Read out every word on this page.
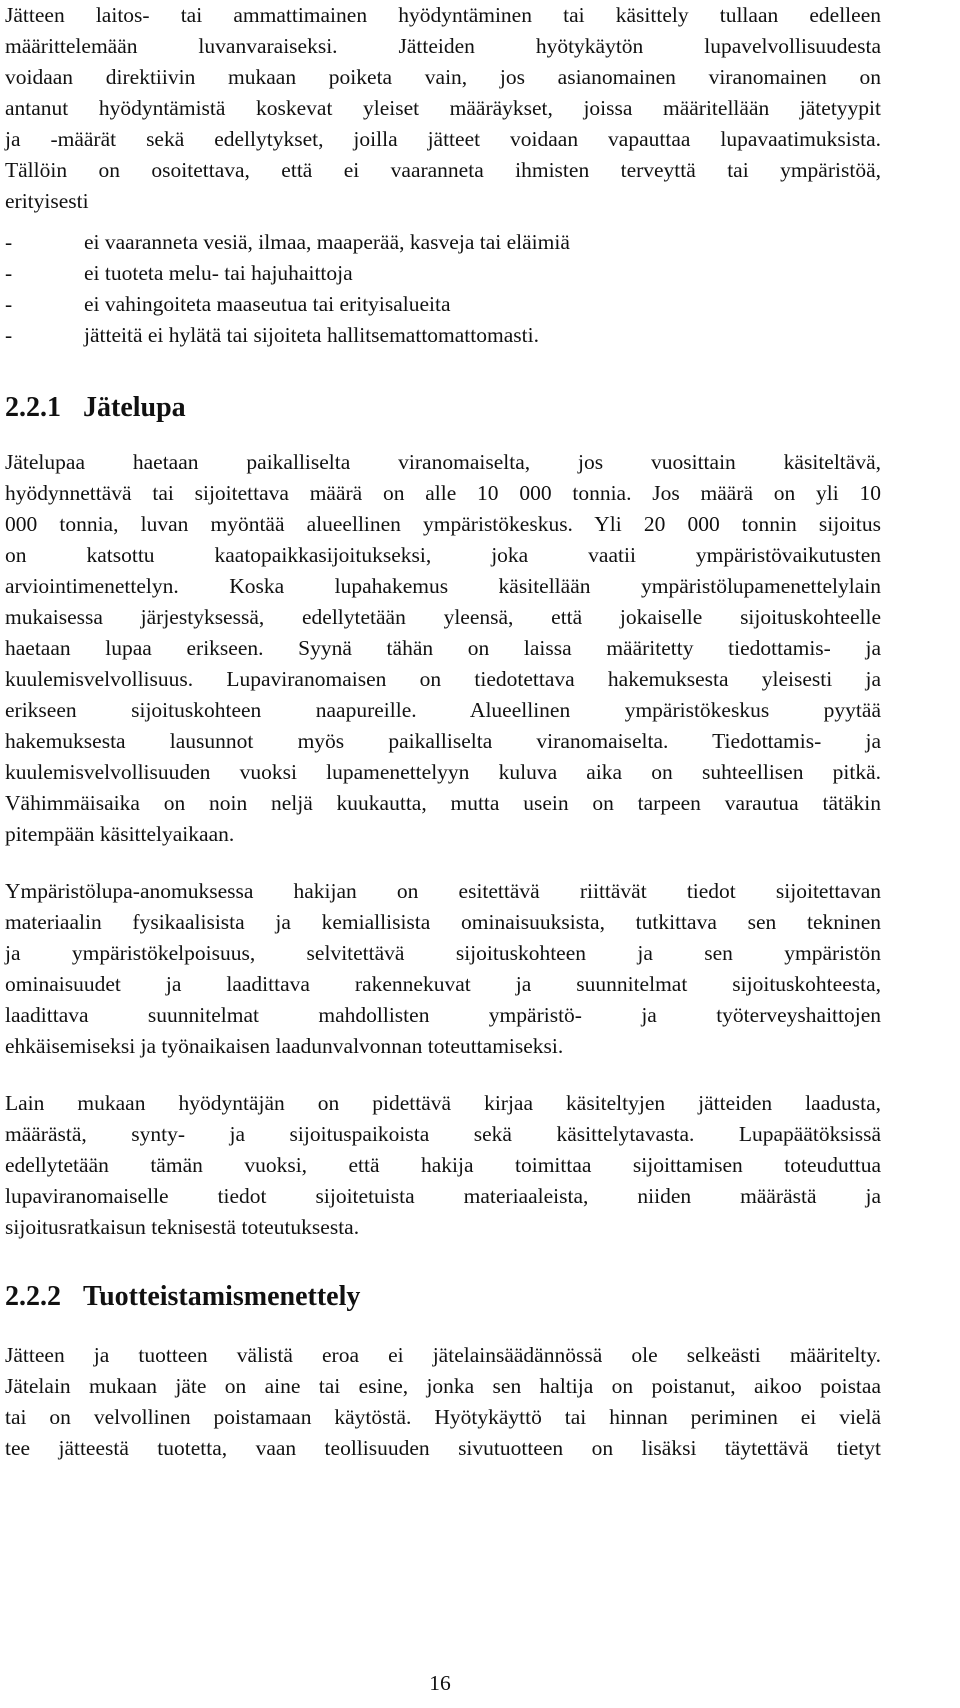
Jätteen laitos- tai ammattimainen hyödyntäminen tai käsittely tullaan edelleen
määrittelemään luvanvaraiseksi. Jätteiden hyötykäytön lupavelvollisuudesta
voidaan direktiivin mukaan poiketa vain, jos asianomainen viranomainen on
antanut hyödyntämistä koskevat yleiset määräykset, joissa määritellään jätetyypit
ja -määrät sekä edellytykset, joilla jätteet voidaan vapauttaa lupavaatimuksista.
Tällöin on osoitettava, että ei vaaranneta ihmisten terveyttä tai ympäristöä,
erityisesti
-	ei vaaranneta vesiä, ilmaa, maaperää, kasveja tai eläimiä
-	ei tuoteta melu- tai hajuhaittoja
-	ei vahingoiteta maaseutua tai erityisalueita
-	jätteitä ei hylätä tai sijoiteta hallitsemattomattomasti.
2.2.1 Jätelupa
Jätelupaa haetaan paikalliselta viranomaiselta, jos vuosittain käsiteltävä,
hyödynnettävä tai sijoitettava määrä on alle 10 000 tonnia. Jos määrä on yli 10
000 tonnia, luvan myöntää alueellinen ympäristökeskus. Yli 20 000 tonnin sijoitus
on katsottu kaatopaikkasijoitukseksi, joka vaatii ympäristövaikutusten
arviointimenettelyn. Koska lupahakemus käsitellään ympäristölupamenettelylain
mukaisessa järjestyksessä, edellytetään yleensä, että jokaiselle sijoituskohteelle
haetaan lupaa erikseen. Syynä tähän on laissa määritetty tiedottamis- ja
kuulemisvelvollisuus. Lupaviranomaisen on tiedotettava hakemuksesta yleisesti ja
erikseen sijoituskohteen naapureille. Alueellinen ympäristökeskus pyytää
hakemuksesta lausunnot myös paikalliselta viranomaiselta. Tiedottamis- ja
kuulemisvelvollisuuden vuoksi lupamenettelyyn kuluva aika on suhteellisen pitkä.
Vähimmäisaika on noin neljä kuukautta, mutta usein on tarpeen varautua tätäkin
pitempään käsittelyaikaan.
Ympäristölupa-anomuksessa hakijan on esitettävä riittävät tiedot sijoitettavan
materiaalin fysikaalisista ja kemiallisista ominaisuuksista, tutkittava sen tekninen
ja ympäristökelpoisuus, selvitettävä sijoituskohteen ja sen ympäristön
ominaisuudet ja laadittava rakennekuvat ja suunnitelmat sijoituskohteesta,
laadittava suunnitelmat mahdollisten ympäristö- ja työterveyshaittojen
ehkäisemiseksi ja työnaikaisen laadunvalvonnan toteuttamiseksi.
Lain mukaan hyödyntäjän on pidettävä kirjaa käsiteltyjen jätteiden laadusta,
määrästä, synty- ja sijoituspaikoista sekä käsittelytavasta. Lupapäätöksissä
edellytetään tämän vuoksi, että hakija toimittaa sijoittamisen toteuduttua
lupaviranomaiselle tiedot sijoitetuista materiaaleista, niiden määrästä ja
sijoitusratkaisun teknisestä toteutuksesta.
2.2.2 Tuotteistamismenettely
Jätteen ja tuotteen välistä eroa ei jätelainsäädännössä ole selkeästi määritelty.
Jätelain mukaan jäte on aine tai esine, jonka sen haltija on poistanut, aikoo poistaa
tai on velvollinen poistamaan käytöstä. Hyötykäyttö tai hinnan periminen ei vielä
tee jätteestä tuotetta, vaan teollisuuden sivutuotteen on lisäksi täytettävä tietyt
16
